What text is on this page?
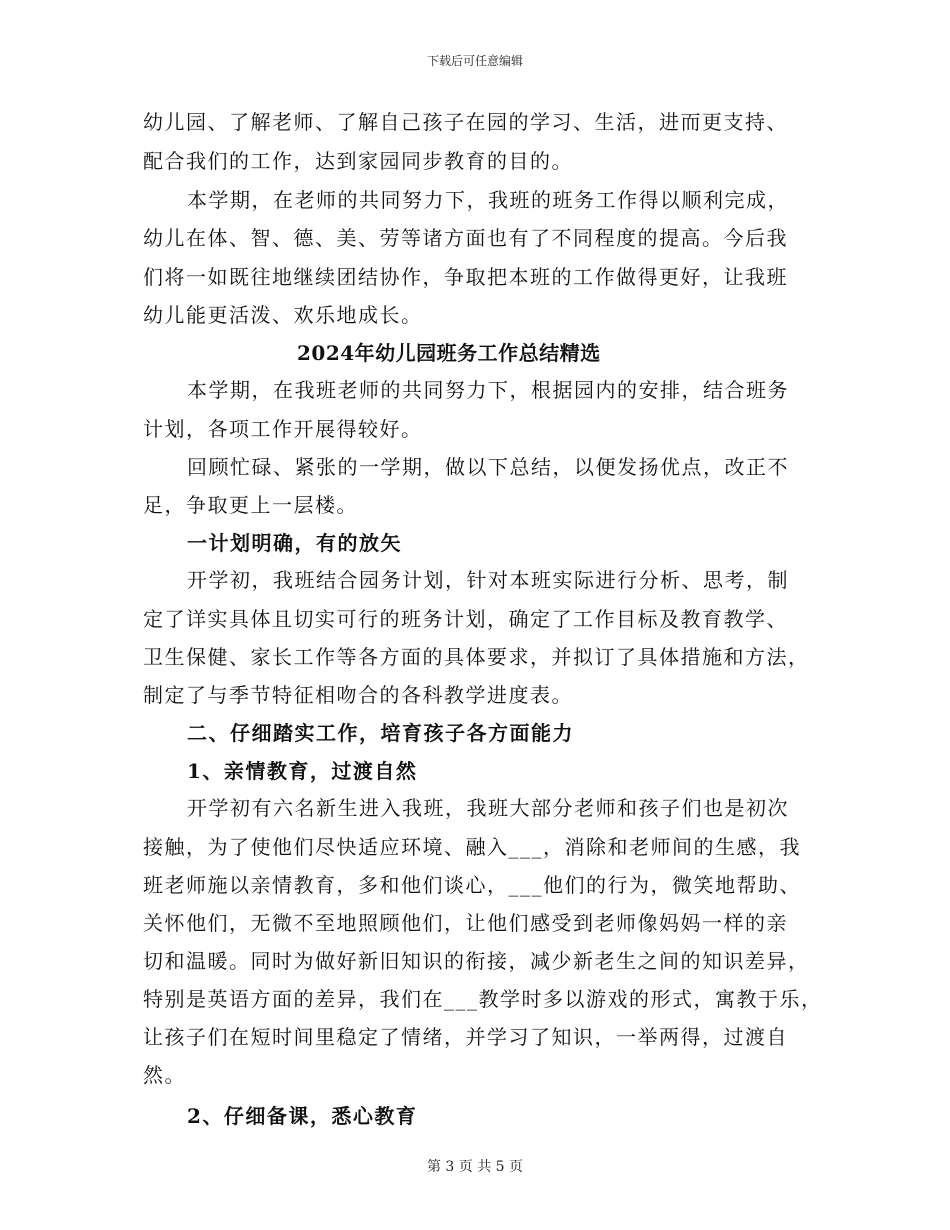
下载后可任意编辑
幼儿园、了解老师、了解自己孩子在园的学习、生活，进而更支持、
配合我们的工作，达到家园同步教育的目的。
本学期，在老师的共同努力下，我班的班务工作得以顺利完成，
幼儿在体、智、德、美、劳等诸方面也有了不同程度的提高。今后我
们将一如既往地继续团结协作，争取把本班的工作做得更好，让我班
幼儿能更活泼、欢乐地成长。
2024年幼儿园班务工作总结精选
本学期，在我班老师的共同努力下，根据园内的安排，结合班务
计划，各项工作开展得较好。
回顾忙碌、紧张的一学期，做以下总结，以便发扬优点，改正不
足，争取更上一层楼。
一计划明确，有的放矢
开学初，我班结合园务计划，针对本班实际进行分析、思考，制
定了详实具体且切实可行的班务计划，确定了工作目标及教育教学、
卫生保健、家长工作等各方面的具体要求，并拟订了具体措施和方法，
制定了与季节特征相吻合的各科教学进度表。
二、仔细踏实工作，培育孩子各方面能力
1、亲情教育，过渡自然
开学初有六名新生进入我班，我班大部分老师和孩子们也是初次
接触，为了使他们尽快适应环境、融入___，消除和老师间的生感，我
班老师施以亲情教育，多和他们谈心，___他们的行为，微笑地帮助、
关怀他们，无微不至地照顾他们，让他们感受到老师像妈妈一样的亲
切和温暖。同时为做好新旧知识的衔接，减少新老生之间的知识差异，
特别是英语方面的差异，我们在___教学时多以游戏的形式，寓教于乐，
让孩子们在短时间里稳定了情绪，并学习了知识，一举两得，过渡自
然。
2、仔细备课，悉心教育
第 3 页 共 5 页
